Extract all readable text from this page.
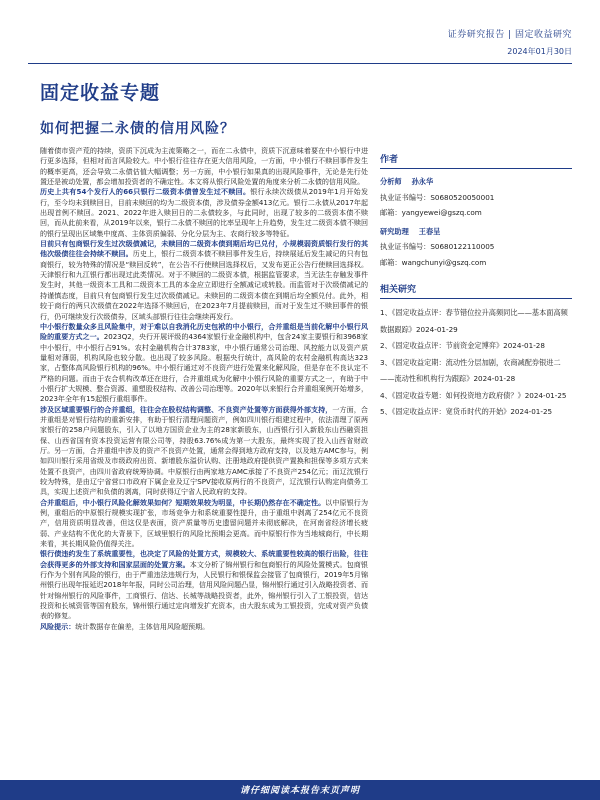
证券研究报告 | 固定收益研究
2024年01月30日
固定收益专题
如何把握二永债的信用风险？

随着债市资产荒的持续，资质下沉成为主流策略之一，而在二永债中，资质下沉意味着要在中小银行中进行更多选择，但相对而言风险较大。中小银行往往存在更大信用风险，一方面，中小银行不赎回事件发生的概率更高，还会导致二永债估值大幅调整；另一方面，中小银行如果真的出现风险事件，无论是先行处置还是被动处置，都会增加投资者的不确定性。本文将从银行风险处置的角度来分析二永债的信用风险。

历史上共有54个发行人的66只银行二级资本债曾发生过不赎回。银行永续次级债从2019年1月开始发行，至今均未到赎回日，目前未赎回的均为二级资本债，涉及债券金额413亿元。银行二永债从2017年起出现首例不赎回。2021、2022年进入赎回日的二永债较多，与此同时，出现了较多的二级资本债不赎回，而从此前来看，从2019年以来，银行二永债不赎回的比率呈现年上升趋势，发生过二级资本债不赎回的银行呈现出区域集中度高、主体资质偏弱、分化分层为主、农商行较多等特征。

目前只有包商银行发生过次级债减记，未赎回的二级资本债到期后均已兑付，小规模弱资质银行发行的其他次级债往往会持续不赎回。历史上，银行二级资本债不赎回事件发生后，持续展延后发生减记的只有包商银行，较为特殊的情况是“赎回反转”，在公告不行使赎回选择权后，又发布更正公告行使赎回选择权。天津银行和九江银行都出现过此类情况。对于不赎回的二级资本债，根据监管要求，当无法生存触发事件发生时，其他一级资本工具和二级资本工具的本金应立即进行全额减记或转股。而监管对于次级债减记的持谨慎态度，目前只有包商银行发生过次级债减记。未赎回的二级资本债在到期后均全额兑付。此外，相较于商行的两只次级债在2022年选择不赎回后，在2023年7月提前赎回，而对于发生过不赎回事件的银行，仍可继续发行次级债券，区域头部银行往往会继续再发行。

中小银行数量众多且风险集中，对于难以自我消化历史包袱的中小银行，合并重组是当前化解中小银行风险的重要方式之一。2023Q2，央行开展评级的4364家银行业金融机构中，包含24家主要银行和3968家中小银行，中小银行占91%。农村金融机构合计3783家，中小银行通常公司治理、风控能力以及资产质量相对薄弱，机构风险也较分散。也出现了较多风险。根据央行统计，高风险的农村金融机构高达323家，占整体高风险银行机构的96%。中小银行通过对不良资产进行处置来化解风险，但是存在不良认定不严格的问题。而由于农合机构改革还在进行，合并重组成为化解中小银行风险的重要方式之一，有助于中小银行扩大规模、整合资源、重塑股权结构、改善公司治理等。2020年以来银行合并重组案例开始增多，2023年全年有15起银行重组事件。

涉及区域重要银行的合并重组，往往会在股权结构调整、不良资产处置等方面获得外部支持，一方面，合并重组是对银行结构的重新安排，有助于银行清理问题资产，例如四川银行组建过程中，依法清理了原两家银行的258户问题股东，引入了以地方国资企业为主的28家新股东，山西银行引入新股东山西融资担保、山西省国有资本投资运营有限公司等，持股63.76%成为第一大股东，最终实现了投入山西省财政厅。另一方面，合并重组中涉及的资产不良资产处置，通常会得到地方政府支持，以及地方AMC参与，例如四川银行采用省级及市级政府出资、新增股东溢价认购、注册地政府提供资产置换和担保等多项方式来处置不良资产，由四川省政府统筹协调。中原银行由两家地方AMC承接了不良资产254亿元；而辽沈银行较为特殊，是由辽宁省营口市政府下属企业及辽宁SPV接收原两行的不良资产，辽沈银行认购定向债务工具，实现上述资产和负债的剥离，同时获得辽宁省人民政府的支持。

合并重组后，中小银行风险化解效果如何？短期效果较为明显，中长期仍然存在不确定性。以中原银行为例，重组后的中原银行规模实现扩张，市场竞争力和系统重要性提升，由于重组中剥离了254亿元不良资产，信用资质明显改善，但这仅是表面，资产质量等历史遗留问题并未彻底解决，在河南省经济增长疲弱、产业结构不优化的大背景下，区域里银行的风险比预期会更高。而中原银行作为当地城商行，中长期来看，其长期风险仍值得关注。

银行债违约发生了系统重要性，也决定了风险的处置方式，规模较大、系统重要性较高的银行出险，往往会获得更多的外部支持和国家层面的处置方案。本文分析了锦州银行和包商银行的风险处置模式。包商银行作为个别有风险的银行，由于严重违法违规行为，人民银行和银保监会接管了包商银行，2019年5月锦州银行出现年报延迟2018年年报，同时公司治理，信用风险问题凸显，锦州银行通过引入战略投资者、而针对锦州银行的风险事件，工商银行、信达、长城等战略投资者，此外，锦州银行引入了工银投资，信达投资和长城资管等国有股东，锦州银行通过定向增发扩充资本，由大股东成为工银投资，完成对资产负债表的修复。

风险提示：统计数据存在偏差，主体信用风险超预期。

作者
分析师 孙永华
执业证书编号：S0680520050001
邮箱：yangyewei@gszq.com
研究助理 王春呈
执业证书编号：S0680122110005
邮箱：wangchunyi@gszq.com
相关研究
1、《固定收益点评：春节错位拉升高频同比——基本面高频数据跟踪》2024-01-29
2、《固定收益点评：节前资金定博弈》2024-01-28
3、《固定收益定期：流动性分层加剧，农商减配券银进二——流动性和机构行为跟踪》2024-01-28
4、《固定收益专题：如何投资地方政府债？》2024-01-25
5、《固定收益点评：宽货币时代的开始》2024-01-25
请仔细阅读本报告末页声明
